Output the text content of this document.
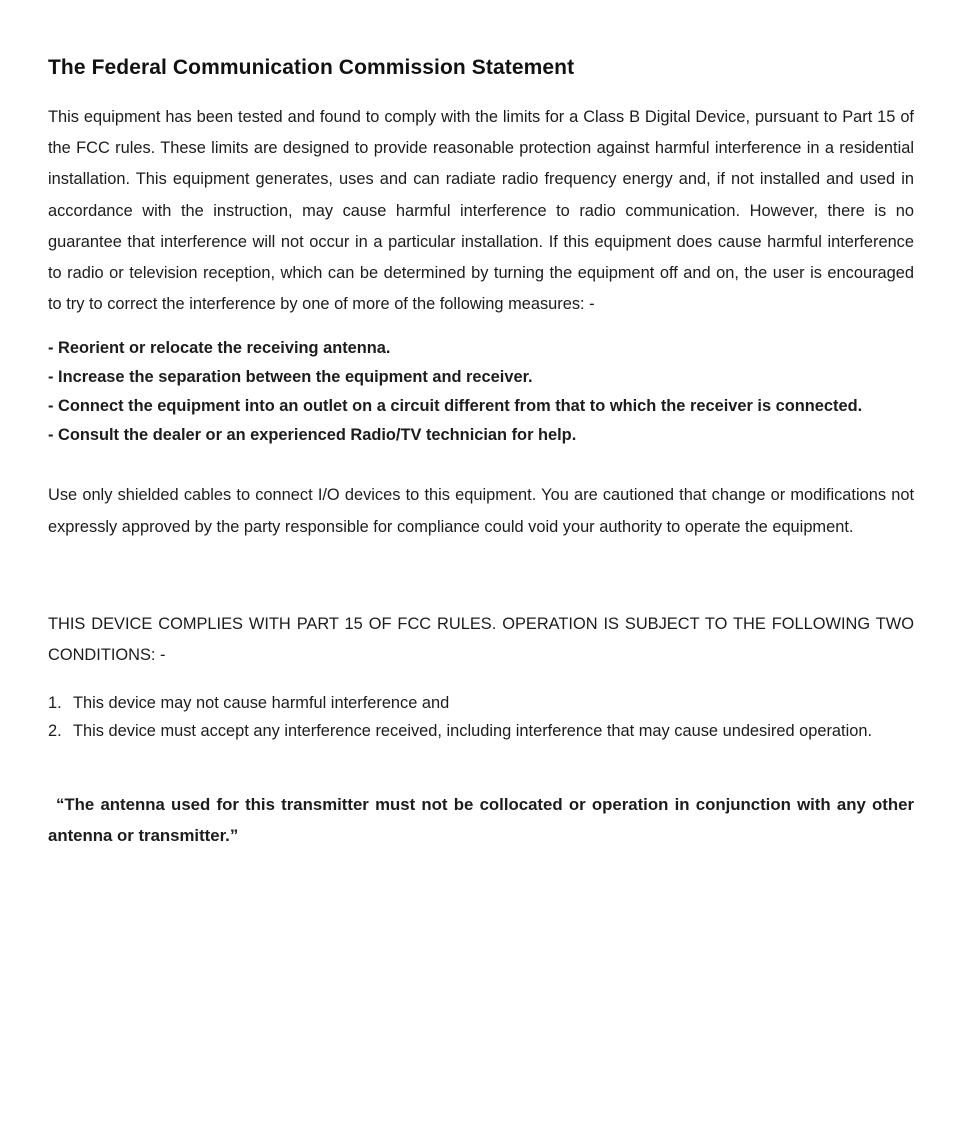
The Federal Communication Commission Statement

This equipment has been tested and found to comply with the limits for a Class B Digital Device, pursuant to Part 15 of the FCC rules. These limits are designed to provide reasonable protection against harmful interference in a residential installation. This equipment generates, uses and can radiate radio frequency energy and, if not installed and used in accordance with the instruction, may cause harmful interference to radio communication. However, there is no guarantee that interference will not occur in a particular installation. If this equipment does cause harmful interference to radio or television reception, which can be determined by turning the equipment off and on, the user is encouraged to try to correct the interference by one of more of the following measures: -

- Reorient or relocate the receiving antenna.
- Increase the separation between the equipment and receiver.
- Connect the equipment into an outlet on a circuit different from that to which the receiver is connected.
- Consult the dealer or an experienced Radio/TV technician for help.

Use only shielded cables to connect I/O devices to this equipment. You are cautioned that change or modifications not expressly approved by the party responsible for compliance could void your authority to operate the equipment.

THIS DEVICE COMPLIES WITH PART 15 OF FCC RULES. OPERATION IS SUBJECT TO THE FOLLOWING TWO CONDITIONS: -

1. This device may not cause harmful interference and
2. This device must accept any interference received, including interference that may cause undesired operation.

“The antenna used for this transmitter must not be collocated or operation in conjunction with any other antenna or transmitter.”
